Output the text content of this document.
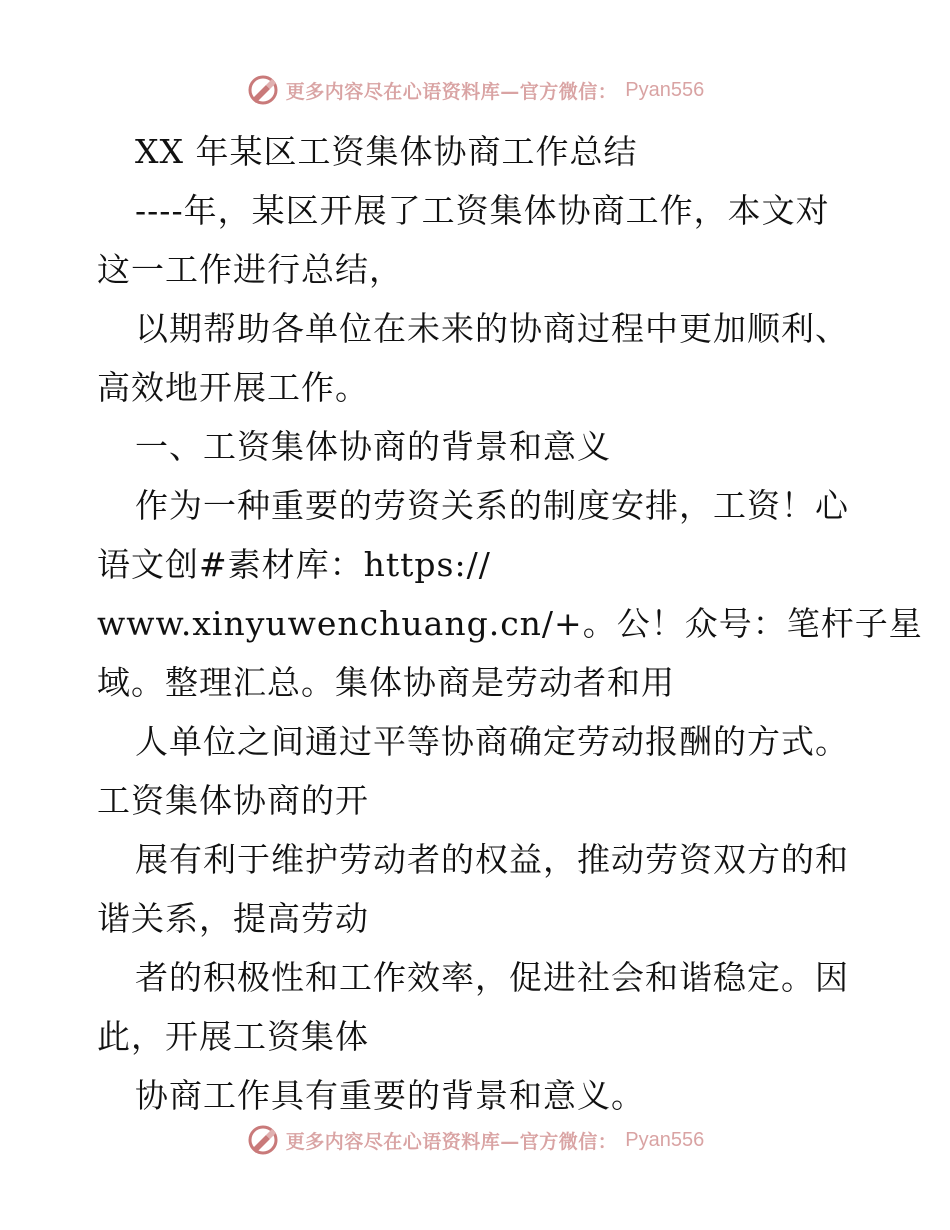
更多内容尽在心语资料库—官方微信： Pyan556
XX 年某区工资集体协商工作总结
----年，某区开展了工资集体协商工作，本文对
这一工作进行总结，
以期帮助各单位在未来的协商过程中更加顺利、
高效地开展工作。
一、工资集体协商的背景和意义
作为一种重要的劳资关系的制度安排，工资！心
语文创#素材库：https://
www.xinyuwenchuang.cn/+。公！众号：笔杆子星
域。整理汇总。集体协商是劳动者和用
人单位之间通过平等协商确定劳动报酬的方式。
工资集体协商的开
展有利于维护劳动者的权益，推动劳资双方的和
谐关系，提高劳动
者的积极性和工作效率，促进社会和谐稳定。因
此，开展工资集体
协商工作具有重要的背景和意义。
更多内容尽在心语资料库—官方微信： Pyan556
